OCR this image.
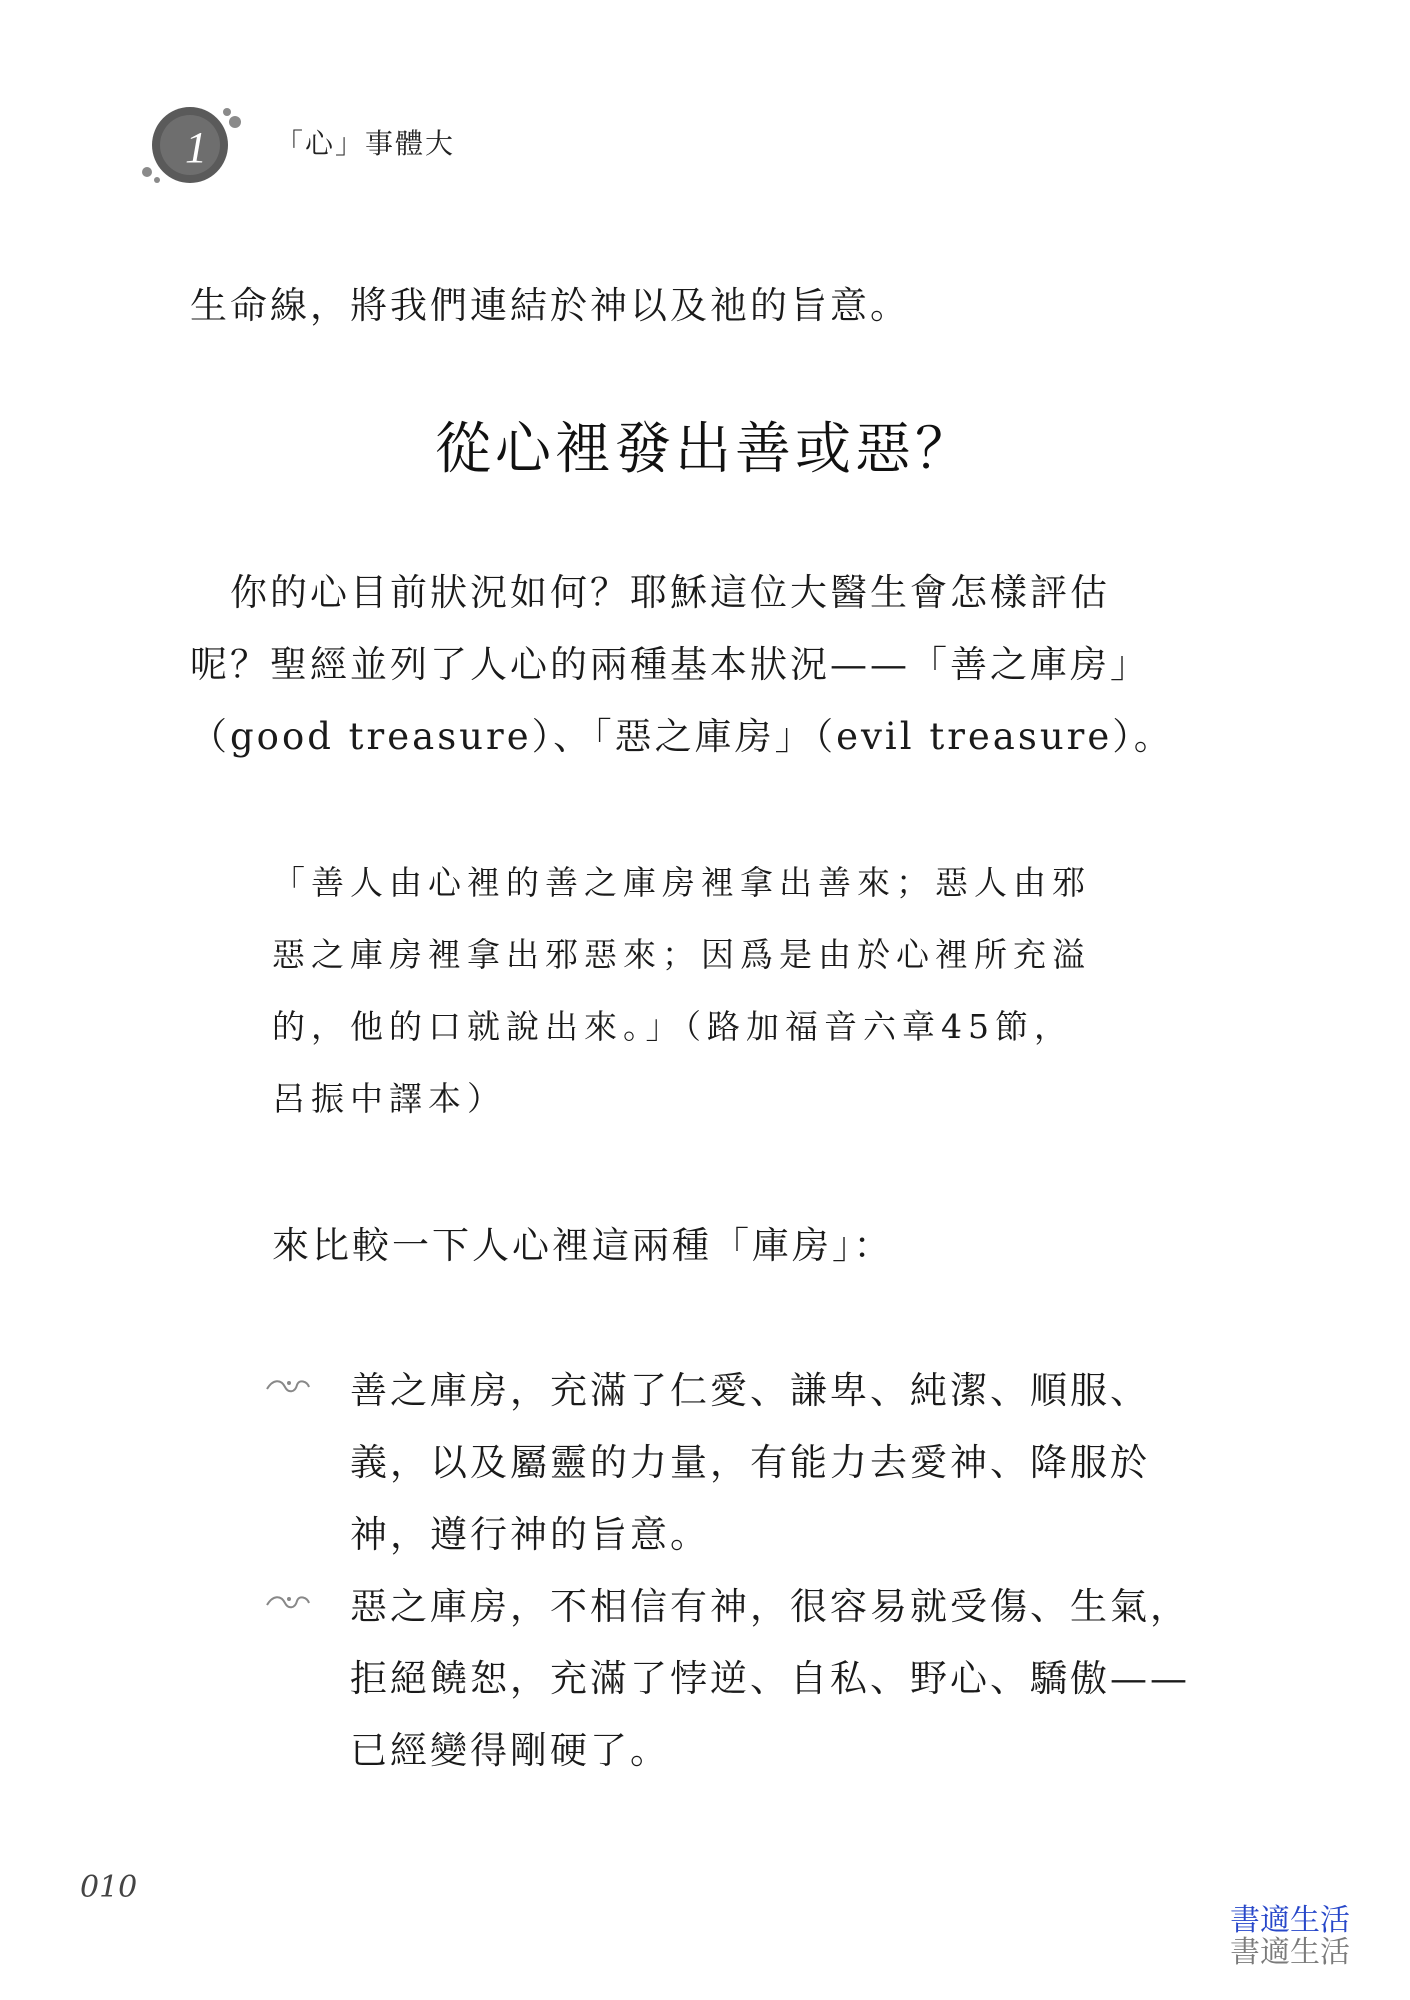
1 「心」事體大

生命線，將我們連結於神以及祂的旨意。

從心裡發出善或惡？

　你的心目前狀況如何？耶穌這位大醫生會怎樣評估
呢？聖經並列了人心的兩種基本狀況——「善之庫房」
（good treasure）、「惡之庫房」（evil treasure）。

「善人由心裡的善之庫房裡拿出善來；惡人由邪
惡之庫房裡拿出邪惡來；因爲是由於心裡所充溢
的，他的口就說出來。」（路加福音六章45節，
呂振中譯本）

來比較一下人心裡這兩種「庫房」：

善之庫房，充滿了仁愛、謙卑、純潔、順服、
義，以及屬靈的力量，有能力去愛神、降服於
神，遵行神的旨意。
惡之庫房，不相信有神，很容易就受傷、生氣，
拒絕饒恕，充滿了悖逆、自私、野心、驕傲——
已經變得剛硬了。
010
書適生活
書適生活
